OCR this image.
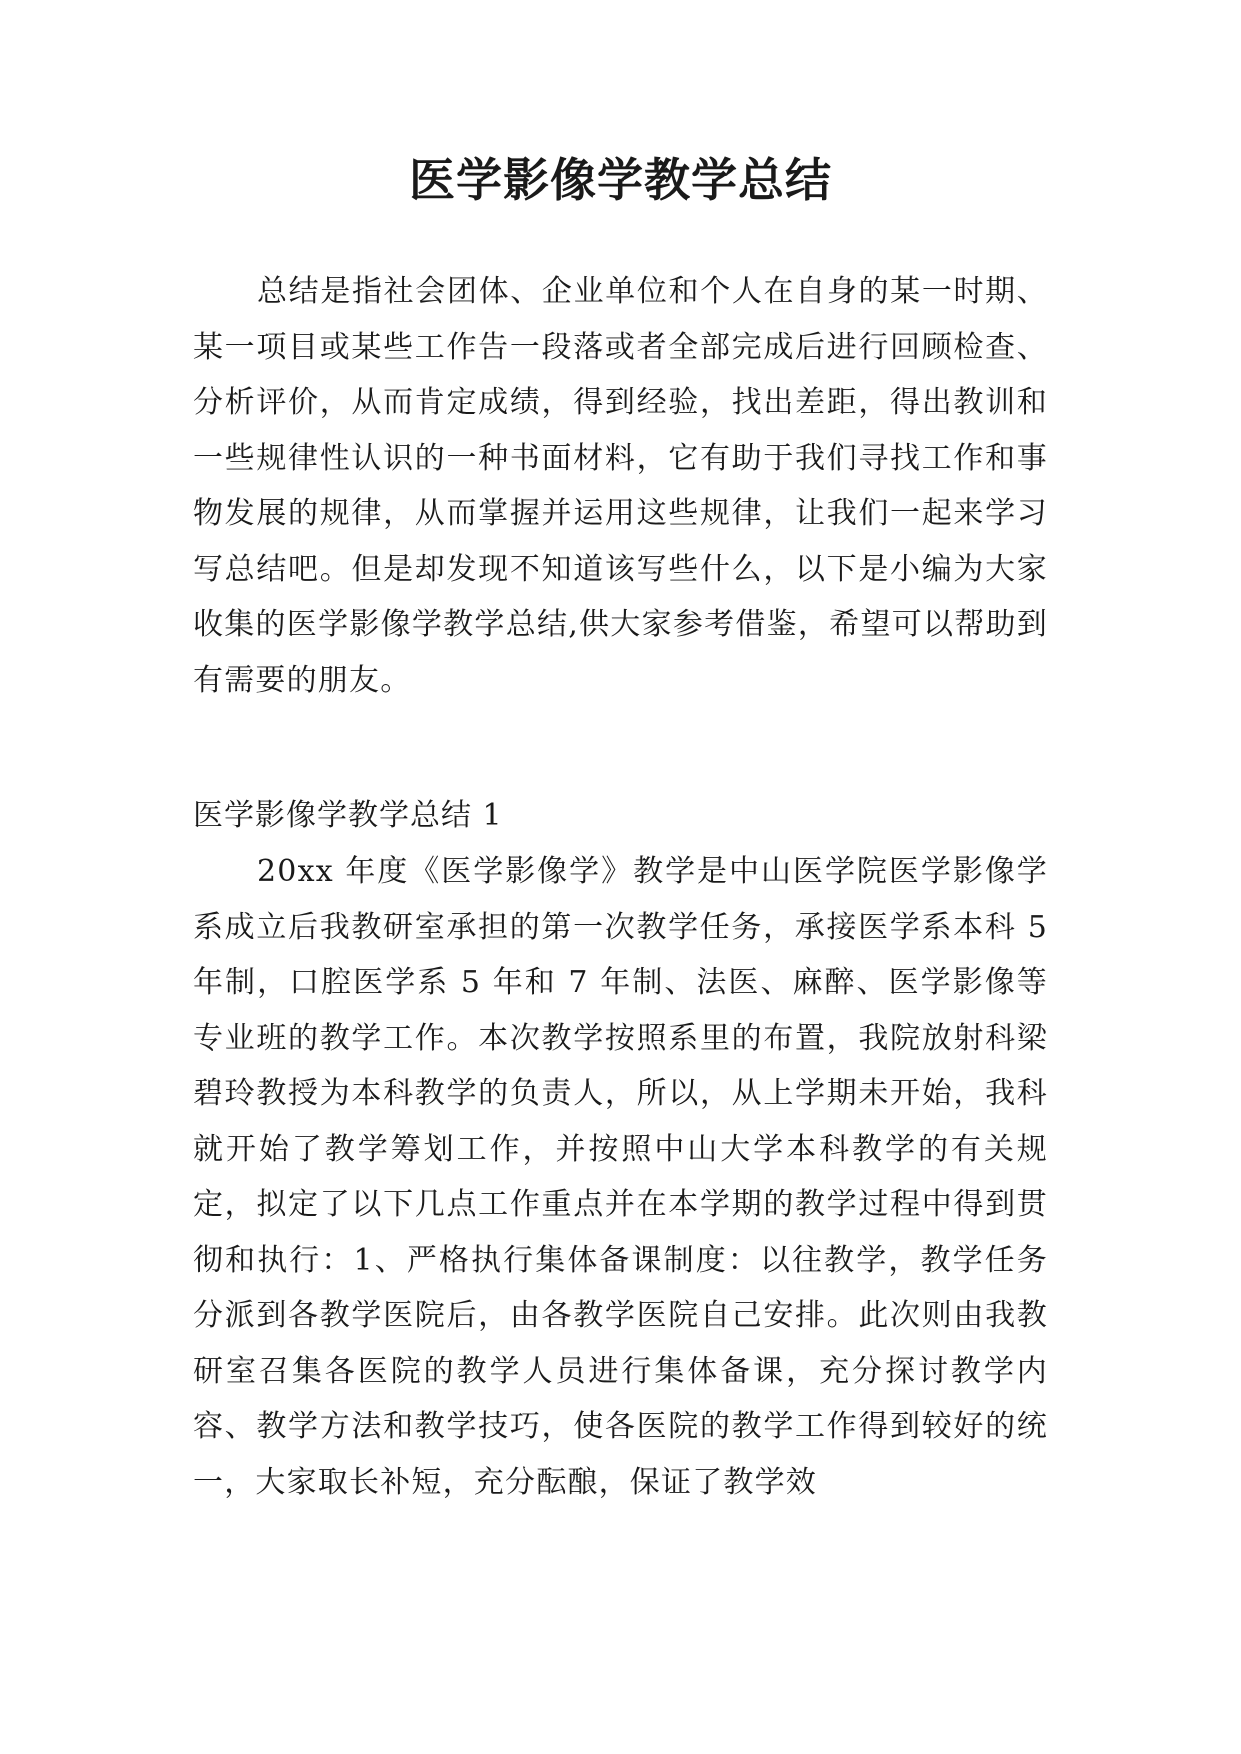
医学影像学教学总结

总结是指社会团体、企业单位和个人在自身的某一时期、某一项目或某些工作告一段落或者全部完成后进行回顾检查、分析评价，从而肯定成绩，得到经验，找出差距，得出教训和一些规律性认识的一种书面材料，它有助于我们寻找工作和事物发展的规律，从而掌握并运用这些规律，让我们一起来学习写总结吧。但是却发现不知道该写些什么，以下是小编为大家收集的医学影像学教学总结,供大家参考借鉴，希望可以帮助到有需要的朋友。

医学影像学教学总结 1

20xx 年度《医学影像学》教学是中山医学院医学影像学系成立后我教研室承担的第一次教学任务，承接医学系本科 5 年制，口腔医学系 5 年和 7 年制、法医、麻醉、医学影像等专业班的教学工作。本次教学按照系里的布置，我院放射科梁碧玲教授为本科教学的负责人，所以，从上学期未开始，我科就开始了教学筹划工作，并按照中山大学本科教学的有关规定，拟定了以下几点工作重点并在本学期的教学过程中得到贯彻和执行：1、严格执行集体备课制度：以往教学，教学任务分派到各教学医院后，由各教学医院自己安排。此次则由我教研室召集各医院的教学人员进行集体备课，充分探讨教学内容、教学方法和教学技巧，使各医院的教学工作得到较好的统一，大家取长补短，充分酝酿，保证了教学效
